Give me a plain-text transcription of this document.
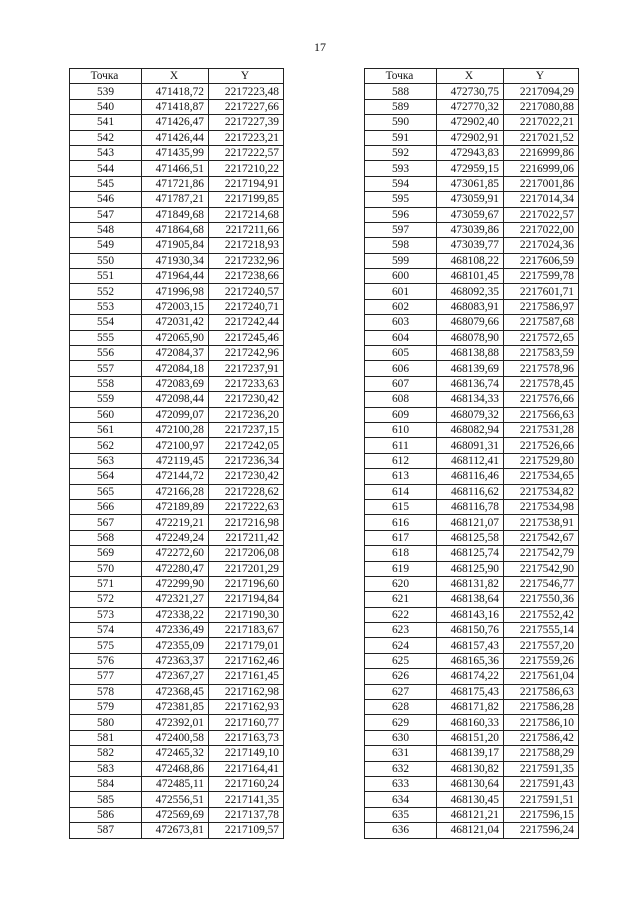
17
Точка	X	Y
539	471418,72	2217223,48
540	471418,87	2217227,66
541	471426,47	2217227,39
542	471426,44	2217223,21
543	471435,99	2217222,57
544	471466,51	2217210,22
545	471721,86	2217194,91
546	471787,21	2217199,85
547	471849,68	2217214,68
548	471864,68	2217211,66
549	471905,84	2217218,93
550	471930,34	2217232,96
551	471964,44	2217238,66
552	471996,98	2217240,57
553	472003,15	2217240,71
554	472031,42	2217242,44
555	472065,90	2217245,46
556	472084,37	2217242,96
557	472084,18	2217237,91
558	472083,69	2217233,63
559	472098,44	2217230,42
560	472099,07	2217236,20
561	472100,28	2217237,15
562	472100,97	2217242,05
563	472119,45	2217236,34
564	472144,72	2217230,42
565	472166,28	2217228,62
566	472189,89	2217222,63
567	472219,21	2217216,98
568	472249,24	2217211,42
569	472272,60	2217206,08
570	472280,47	2217201,29
571	472299,90	2217196,60
572	472321,27	2217194,84
573	472338,22	2217190,30
574	472336,49	2217183,67
575	472355,09	2217179,01
576	472363,37	2217162,46
577	472367,27	2217161,45
578	472368,45	2217162,98
579	472381,85	2217162,93
580	472392,01	2217160,77
581	472400,58	2217163,73
582	472465,32	2217149,10
583	472468,86	2217164,41
584	472485,11	2217160,24
585	472556,51	2217141,35
586	472569,69	2217137,78
587	472673,81	2217109,57
Точка	X	Y
588	472730,75	2217094,29
589	472770,32	2217080,88
590	472902,40	2217022,21
591	472902,91	2217021,52
592	472943,83	2216999,86
593	472959,15	2216999,06
594	473061,85	2217001,86
595	473059,91	2217014,34
596	473059,67	2217022,57
597	473039,86	2217022,00
598	473039,77	2217024,36
599	468108,22	2217606,59
600	468101,45	2217599,78
601	468092,35	2217601,71
602	468083,91	2217586,97
603	468079,66	2217587,68
604	468078,90	2217572,65
605	468138,88	2217583,59
606	468139,69	2217578,96
607	468136,74	2217578,45
608	468134,33	2217576,66
609	468079,32	2217566,63
610	468082,94	2217531,28
611	468091,31	2217526,66
612	468112,41	2217529,80
613	468116,46	2217534,65
614	468116,62	2217534,82
615	468116,78	2217534,98
616	468121,07	2217538,91
617	468125,58	2217542,67
618	468125,74	2217542,79
619	468125,90	2217542,90
620	468131,82	2217546,77
621	468138,64	2217550,36
622	468143,16	2217552,42
623	468150,76	2217555,14
624	468157,43	2217557,20
625	468165,36	2217559,26
626	468174,22	2217561,04
627	468175,43	2217586,63
628	468171,82	2217586,28
629	468160,33	2217586,10
630	468151,20	2217586,42
631	468139,17	2217588,29
632	468130,82	2217591,35
633	468130,64	2217591,43
634	468130,45	2217591,51
635	468121,21	2217596,15
636	468121,04	2217596,24
